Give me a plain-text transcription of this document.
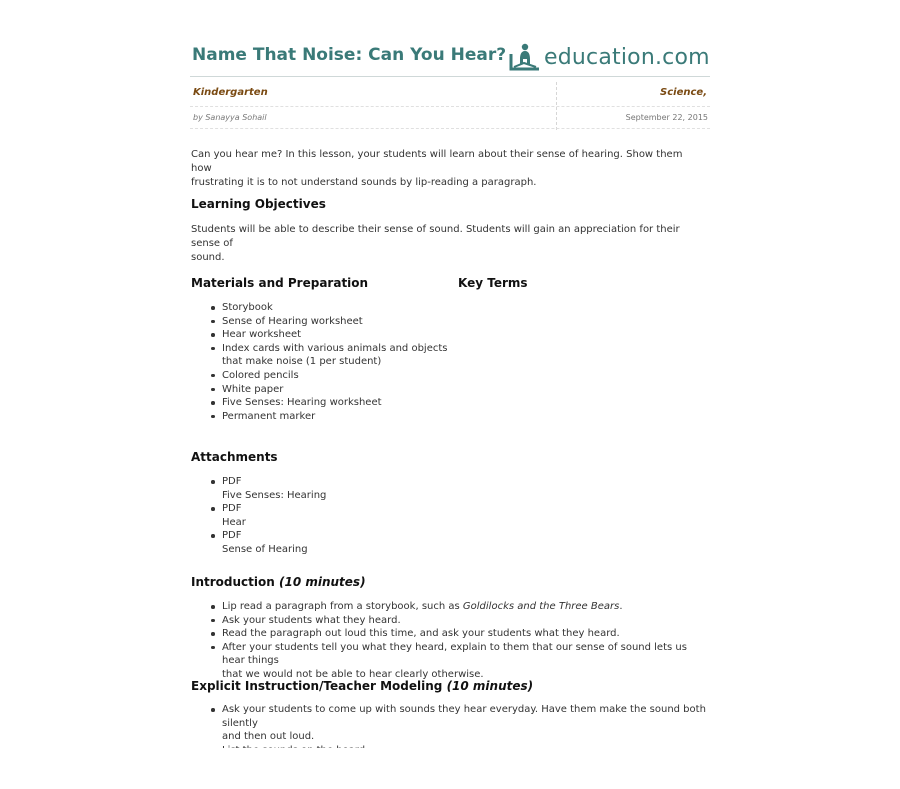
Name That Noise: Can You Hear? education.com
Kindergarten	Science,
by Sanayya Sohail	September 22, 2015
Can you hear me? In this lesson, your students will learn about their sense of hearing. Show them how
frustrating it is to not understand sounds by lip-reading a paragraph.
Learning Objectives
Students will be able to describe their sense of sound. Students will gain an appreciation for their sense of
sound.
Materials and Preparation	Key Terms
Storybook
Sense of Hearing worksheet
Hear worksheet
Index cards with various animals and objects
that make noise (1 per student)
Colored pencils
White paper
Five Senses: Hearing worksheet
Permanent marker
Attachments
PDF
Five Senses: Hearing
PDF
Hear
PDF
Sense of Hearing
Introduction (10 minutes)
Lip read a paragraph from a storybook, such as Goldilocks and the Three Bears.
Ask your students what they heard.
Read the paragraph out loud this time, and ask your students what they heard.
After your students tell you what they heard, explain to them that our sense of sound lets us hear things
that we would not be able to hear clearly otherwise.
Explicit Instruction/Teacher Modeling (10 minutes)
Ask your students to come up with sounds they hear everyday. Have them make the sound both silently
and then out loud.
